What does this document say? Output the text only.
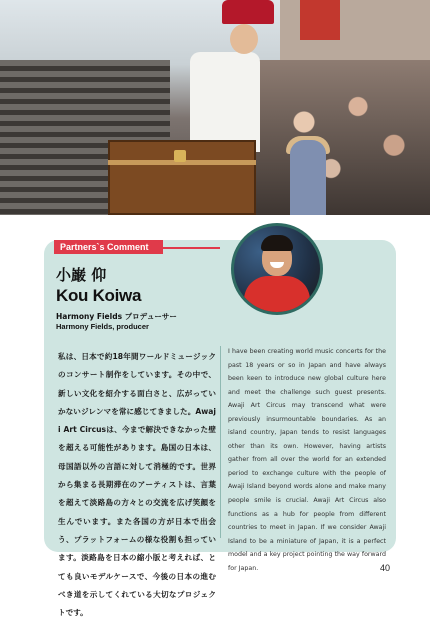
Partners`s Comment
小巌 仰
Kou Koiwa
Harmony Fields プロデューサー
Harmony Fields, producer
私は、日本で約18年間ワールドミュージックのコンサート制作をしています。その中で、新しい文化を紹介する面白さと、広がっていかないジレンマを常に感じてきました。Awaji Art Circusは、今まで解決できなかった壁を超える可能性があります。島国の日本は、母国語以外の言語に対して消極的です。世界から集まる長期滞在のアーティストは、言葉を超えて淡路島の方々との交流を広げ笑顔を生んでいます。また各国の方が日本で出会う、プラットフォームの様な役割も担っています。淡路島を日本の縮小版と考えれば、とても良いモデルケースで、今後の日本の進むべき道を示してくれている大切なプロジェクトです。
I have been creating world music concerts for the past 18 years or so in Japan and have always been keen to introduce new global culture here and meet the challenge such guest presents. Awaji Art Circus may transcend what were previously insurmountable boundaries. As an island country, Japan tends to resist languages other than its own. However, having artists gather from all over the world for an extended period to exchange culture with the people of Awaji Island beyond words alone and make many people smile is crucial. Awaji Art Circus also functions as a hub for people from different countries to meet in Japan. If we consider Awaji Island to be a miniature of Japan, it is a perfect model and a key project pointing the way forward for Japan.	40
